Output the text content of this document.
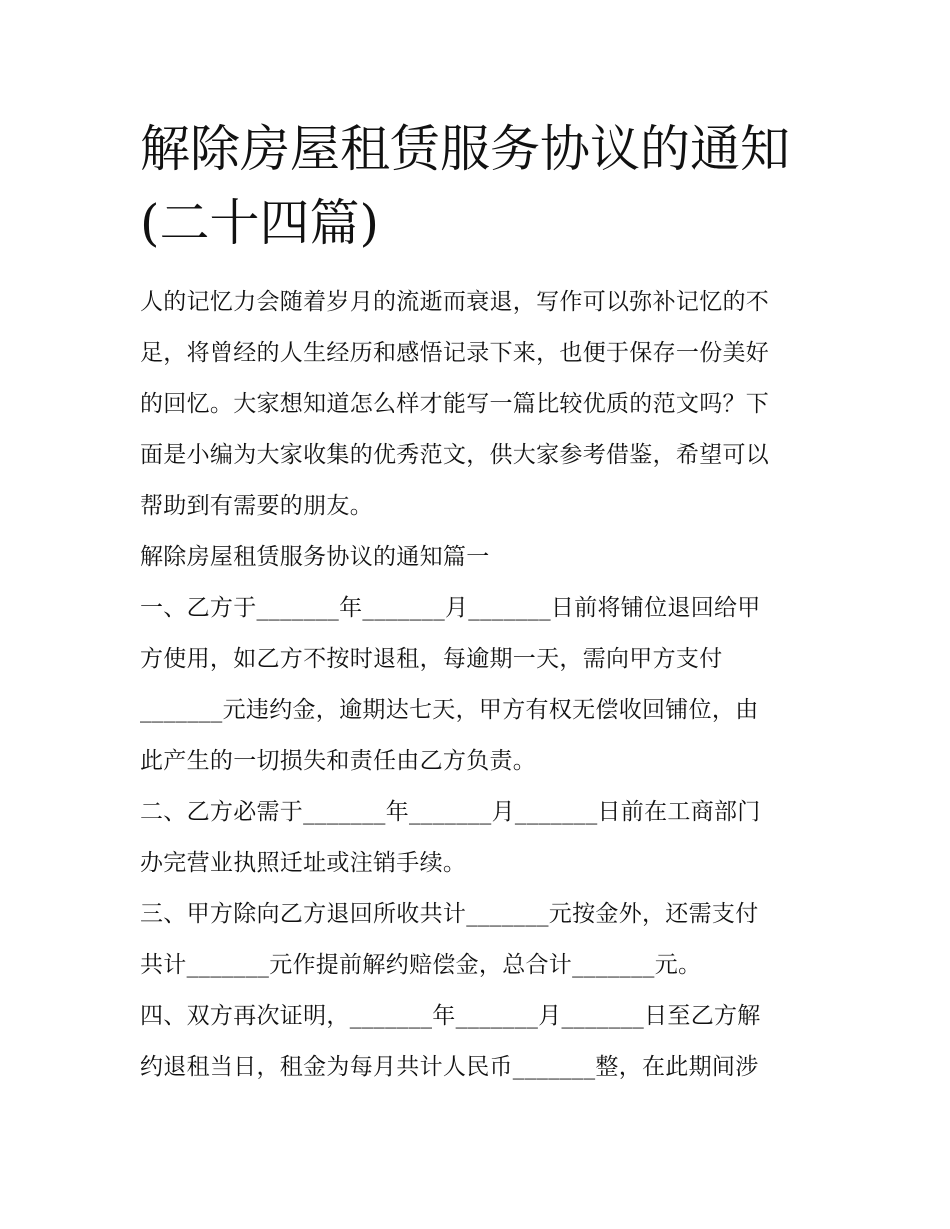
解除房屋租赁服务协议的通知
(二十四篇)
人的记忆力会随着岁月的流逝而衰退，写作可以弥补记忆的不
足，将曾经的人生经历和感悟记录下来，也便于保存一份美好
的回忆。大家想知道怎么样才能写一篇比较优质的范文吗？下
面是小编为大家收集的优秀范文，供大家参考借鉴，希望可以
帮助到有需要的朋友。
解除房屋租赁服务协议的通知篇一
一、乙方于_______年_______月_______日前将铺位退回给甲
方使用，如乙方不按时退租，每逾期一天，需向甲方支付
_______元违约金，逾期达七天，甲方有权无偿收回铺位，由
此产生的一切损失和责任由乙方负责。
二、乙方必需于_______年_______月_______日前在工商部门
办完营业执照迁址或注销手续。
三、甲方除向乙方退回所收共计_______元按金外，还需支付
共计_______元作提前解约赔偿金，总合计_______元。
四、双方再次证明，_______年_______月_______日至乙方解
约退租当日，租金为每月共计人民币_______整，在此期间涉
